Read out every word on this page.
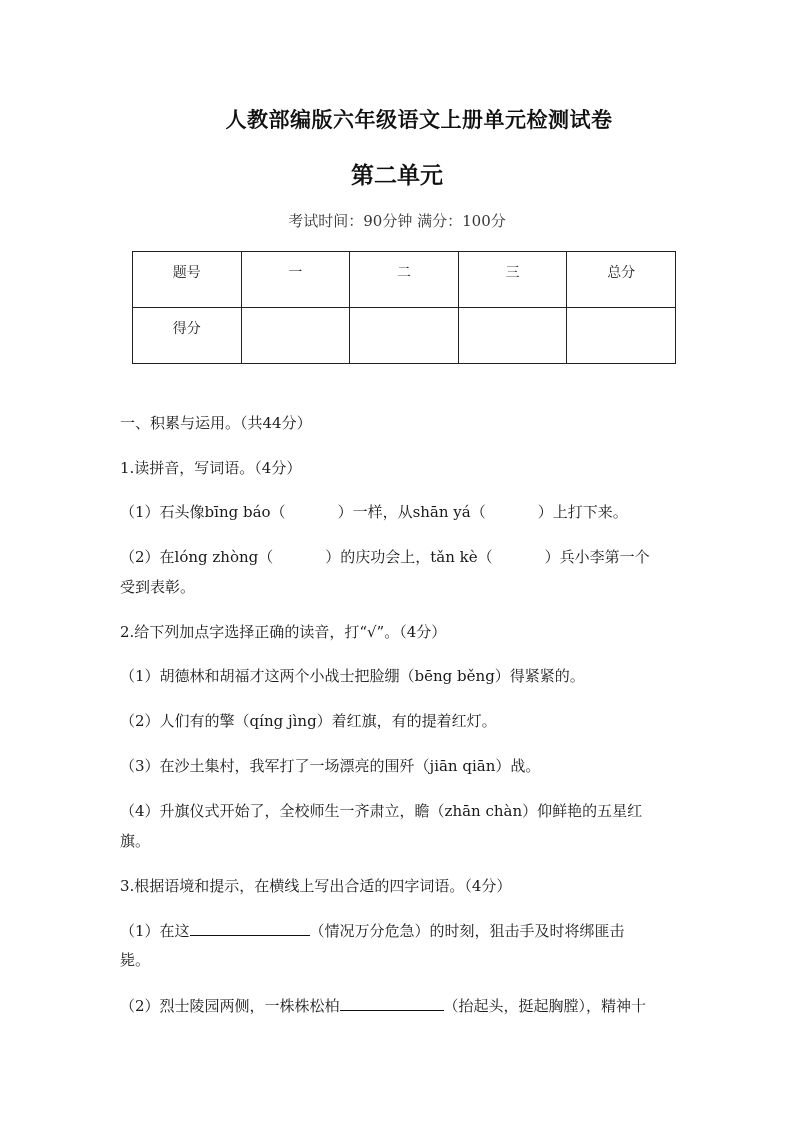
人教部编版六年级语文上册单元检测试卷
第二单元
考试时间：90分钟 满分：100分
题号	一	二	三	总分
得分				
一、积累与运用。（共44分）
1.读拼音，写词语。（4分）
（1）石头像bīng báo（	）一样，从shān yá（	）上打下来。
（2）在lóng zhòng（	）的庆功会上，tǎn kè（	）兵小李第一个
受到表彰。
2.给下列加点字选择正确的读音，打“√”。（4分）
（1）胡德林和胡福才这两个小战士把脸绷（bēng běng）得紧紧的。
（2）人们有的擎（qíng jìng）着红旗，有的提着红灯。
（3）在沙土集村，我军打了一场漂亮的围歼（jiān qiān）战。
（4）升旗仪式开始了，全校师生一齐肃立，瞻（zhān chàn）仰鲜艳的五星红
旗。
3.根据语境和提示，在横线上写出合适的四字词语。（4分）
（1）在这	（情况万分危急）的时刻，狙击手及时将绑匪击
毙。
（2）烈士陵园两侧，一株株松柏	（抬起头，挺起胸膛），精神十
